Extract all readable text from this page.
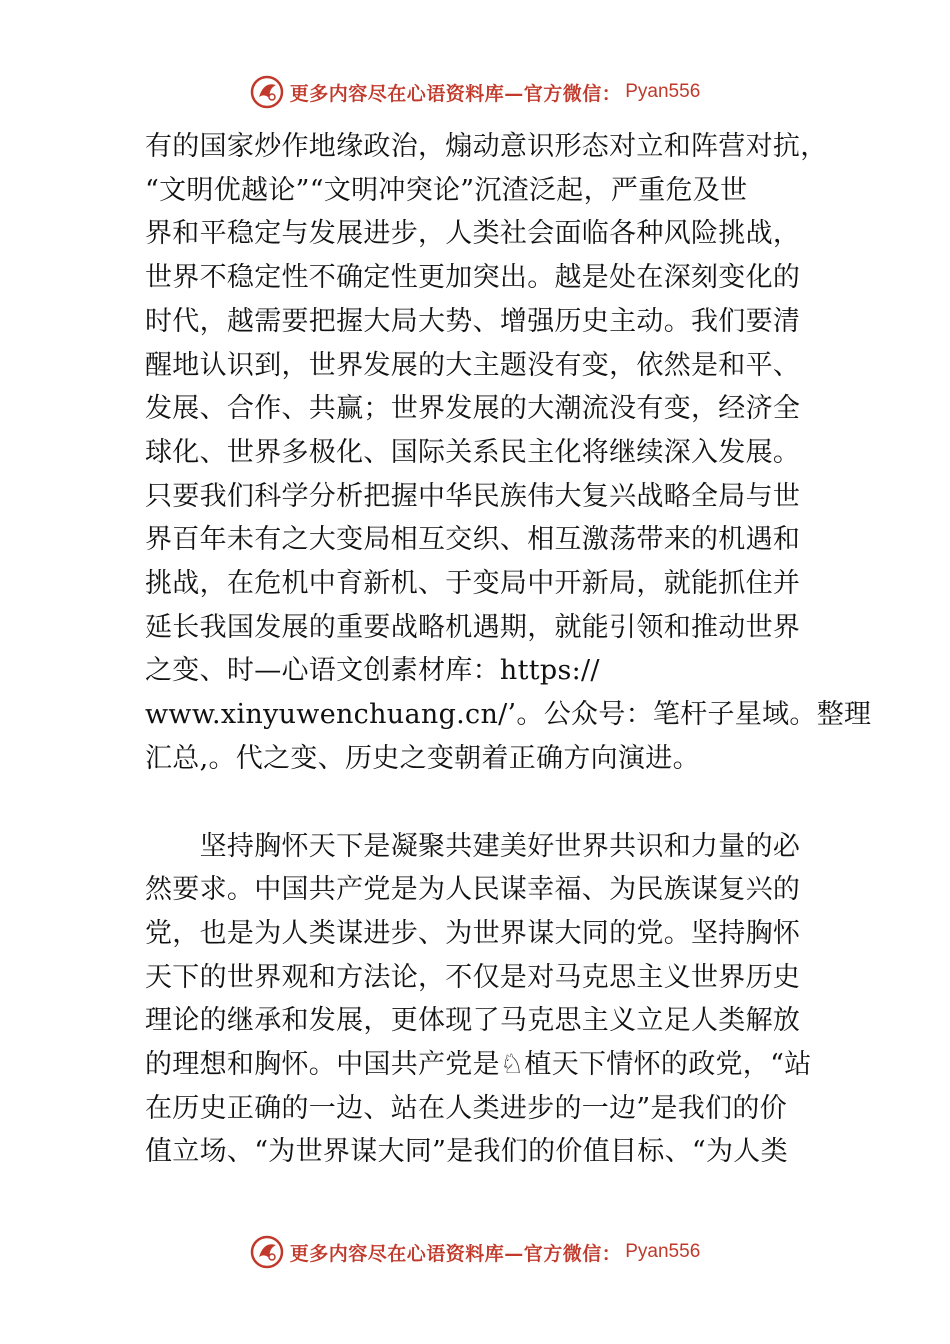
更多内容尽在心语资料库—官方微信： Pyan556

有的国家炒作地缘政治，煽动意识形态对立和阵营对抗，
“文明优越论”“文明冲突论”沉渣泛起，严重危及世
界和平稳定与发展进步，人类社会面临各种风险挑战，
世界不稳定性不确定性更加突出。越是处在深刻变化的
时代，越需要把握大局大势、增强历史主动。我们要清
醒地认识到，世界发展的大主题没有变，依然是和平、
发展、合作、共赢；世界发展的大潮流没有变，经济全
球化、世界多极化、国际关系民主化将继续深入发展。
只要我们科学分析把握中华民族伟大复兴战略全局与世
界百年未有之大变局相互交织、相互激荡带来的机遇和
挑战，在危机中育新机、于变局中开新局，就能抓住并
延长我国发展的重要战略机遇期，就能引领和推动世界
之变、时—心语文创素材库：https://
www.xinyuwenchuang.cn/’。公众号：笔杆子星域。整理
汇总,。代之变、历史之变朝着正确方向演进。

　　坚持胸怀天下是凝聚共建美好世界共识和力量的必
然要求。中国共产党是为人民谋幸福、为民族谋复兴的
党，也是为人类谋进步、为世界谋大同的党。坚持胸怀
天下的世界观和方法论，不仅是对马克思主义世界历史
理论的继承和发展，更体现了马克思主义立足人类解放
的理想和胸怀。中国共产党是♘植天下情怀的政党，“站
在历史正确的一边、站在人类进步的一边”是我们的价
值立场、“为世界谋大同”是我们的价值目标、“为人类

更多内容尽在心语资料库—官方微信： Pyan556
